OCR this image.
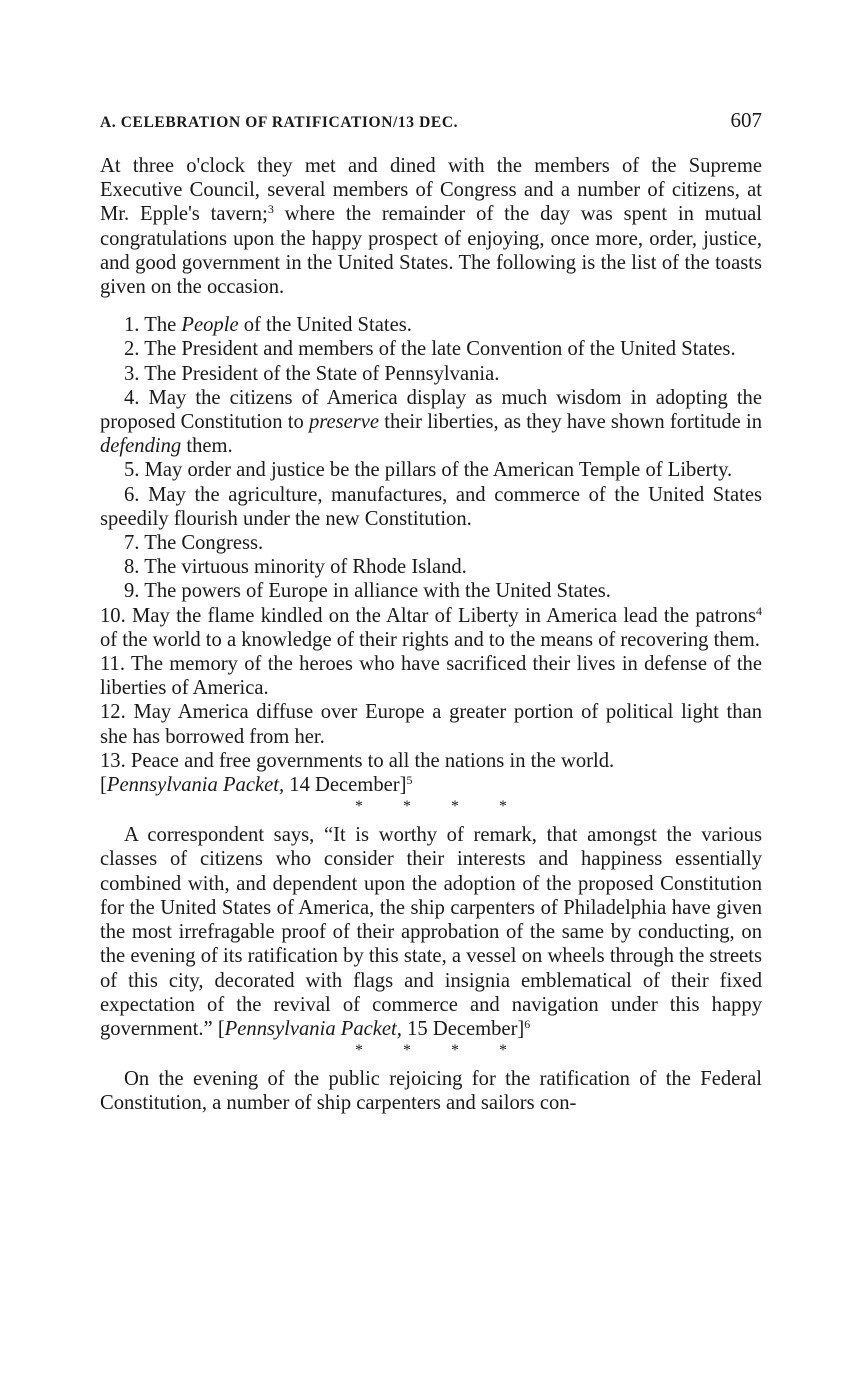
A. CELEBRATION OF RATIFICATION/13 DEC.	607

At three o'clock they met and dined with the members of the Supreme Executive Council, several members of Congress and a number of citizens, at Mr. Epple's tavern;$^3$ where the remainder of the day was spent in mutual congratulations upon the happy prospect of enjoying, once more, order, justice, and good government in the United States. The following is the list of the toasts given on the occasion.

1. The People of the United States.

2. The President and members of the late Convention of the United States.

3. The President of the State of Pennsylvania.

4. May the citizens of America display as much wisdom in adopting the proposed Constitution to preserve their liberties, as they have shown fortitude in defending them.

5. May order and justice be the pillars of the American Temple of Liberty.

6. May the agriculture, manufactures, and commerce of the United States speedily flourish under the new Constitution.

7. The Congress.

8. The virtuous minority of Rhode Island.

9. The powers of Europe in alliance with the United States.

10. May the flame kindled on the Altar of Liberty in America lead the patrons$^4$ of the world to a knowledge of their rights and to the means of recovering them.

11. The memory of the heroes who have sacrificed their lives in defense of the liberties of America.

12. May America diffuse over Europe a greater portion of political light than she has borrowed from her.

13. Peace and free governments to all the nations in the world.

[Pennsylvania Packet, 14 December]$^5$

* * * *

A correspondent says, “It is worthy of remark, that amongst the various classes of citizens who consider their interests and happiness essentially combined with, and dependent upon the adoption of the proposed Constitution for the United States of America, the ship carpenters of Philadelphia have given the most irrefragable proof of their approbation of the same by conducting, on the evening of its ratification by this state, a vessel on wheels through the streets of this city, decorated with flags and insignia emblematical of their fixed expectation of the revival of commerce and navigation under this happy government.” [Pennsylvania Packet, 15 December]$^6$

* * * *

On the evening of the public rejoicing for the ratification of the Federal Constitution, a number of ship carpenters and sailors con-
